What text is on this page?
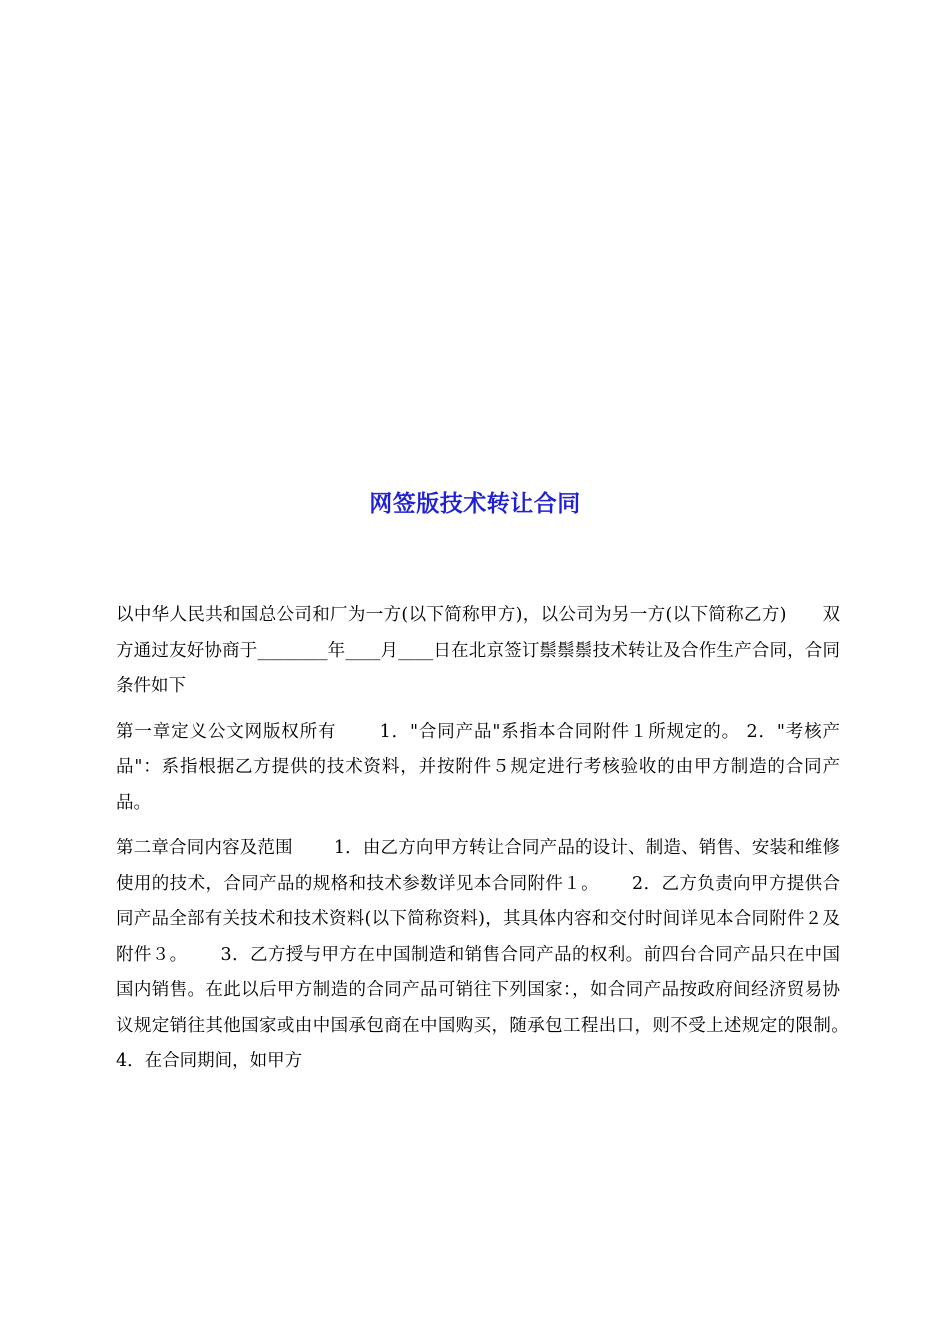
网签版技术转让合同

以中华人民共和国总公司和厂为一方(以下简称甲方)，以公司为另一方(以下简称乙方)　　双方通过友好协商于________年____月____日在北京签订鬃鬃鬃技术转让及合作生产合同，合同条件如下

第一章定义公文网版权所有　　 1．"合同产品"系指本合同附件１所规定的。 2．"考核产品"：系指根据乙方提供的技术资料，并按附件５规定进行考核验收的由甲方制造的合同产品。

第二章合同内容及范围　　 1．由乙方向甲方转让合同产品的设计、制造、销售、安装和维修使用的技术，合同产品的规格和技术参数详见本合同附件１。　　 2．乙方负责向甲方提供合同产品全部有关技术和技术资料(以下简称资料)，其具体内容和交付时间详见本合同附件２及附件３。　　 3．乙方授与甲方在中国制造和销售合同产品的权利。前四台合同产品只在中国国内销售。在此以后甲方制造的合同产品可销往下列国家：，如合同产品按政府间经济贸易协议规定销往其他国家或由中国承包商在中国购买，随承包工程出口，则不受上述规定的限制。　　 4．在合同期间，如甲方
